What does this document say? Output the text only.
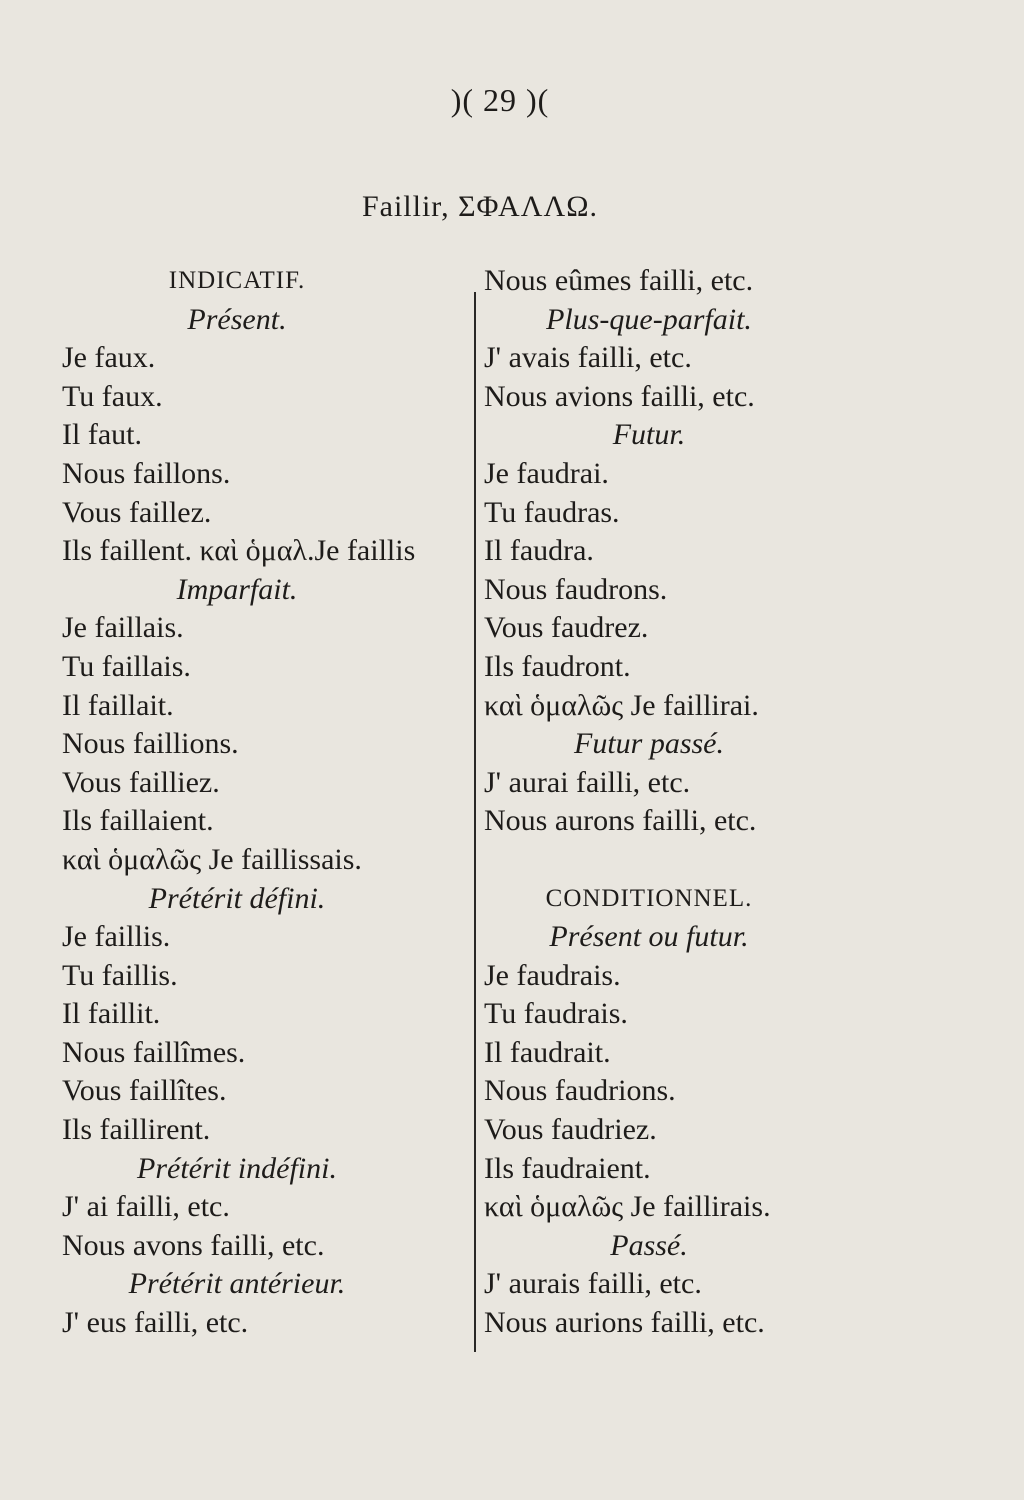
)( 29 )(
Faillir, ΣΦΑΛΛΩ.
INDICATIF.
Présent.
Je faux.
Tu faux.
Il faut.
Nous faillons.
Vous faillez.
Ils faillent. καὶ ὁμαλ.Je faillis
Imparfait.
Je faillais.
Tu faillais.
Il faillait.
Nous faillions.
Vous failliez.
Ils faillaient.
καὶ ὁμαλῶς Je faillissais.
Prétérit défini.
Je faillis.
Tu faillis.
Il faillit.
Nous faillîmes.
Vous faillîtes.
Ils faillirent.
Prétérit indéfini.
J' ai failli, etc.
Nous avons failli, etc.
Prétérit antérieur.
J' eus failli, etc.
Nous eûmes failli, etc.
Plus-que-parfait.
J' avais failli, etc.
Nous avions failli, etc.
Futur.
Je faudrai.
Tu faudras.
Il faudra.
Nous faudrons.
Vous faudrez.
Ils faudront.
καὶ ὁμαλῶς Je faillirai.
Futur passé.
J' aurai failli, etc.
Nous aurons failli, etc.
CONDITIONNEL.
Présent ou futur.
Je faudrais.
Tu faudrais.
Il faudrait.
Nous faudrions.
Vous faudriez.
Ils faudraient.
καὶ ὁμαλῶς Je faillirais.
Passé.
J' aurais failli, etc.
Nous aurions failli, etc.
